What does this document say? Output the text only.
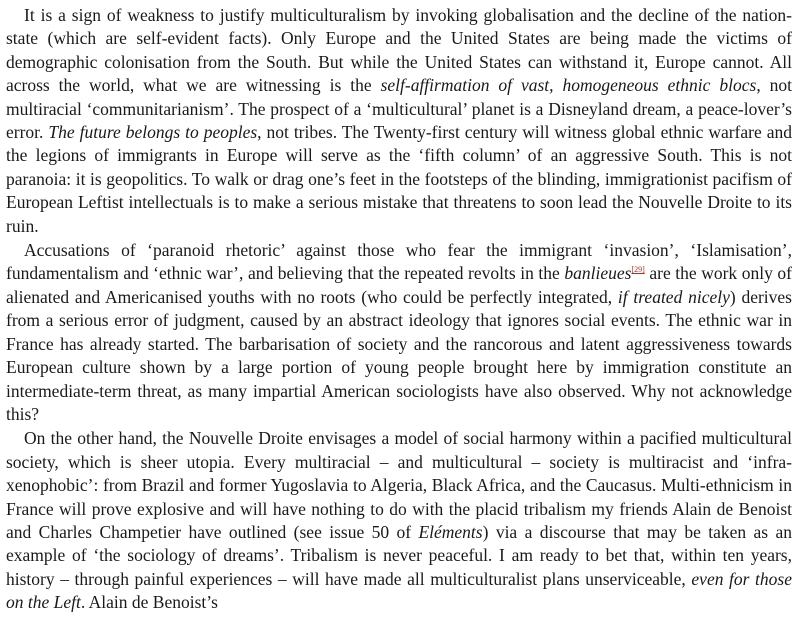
It is a sign of weakness to justify multiculturalism by invoking globalisation and the decline of the nation-state (which are self-evident facts). Only Europe and the United States are being made the victims of demographic colonisation from the South. But while the United States can withstand it, Europe cannot. All across the world, what we are witnessing is the self-affirmation of vast, homogeneous ethnic blocs, not multiracial ‘communitarianism’. The prospect of a ‘multicultural’ planet is a Disneyland dream, a peace-lover’s error. The future belongs to peoples, not tribes. The Twenty-first century will witness global ethnic warfare and the legions of immigrants in Europe will serve as the ‘fifth column’ of an aggressive South. This is not paranoia: it is geopolitics. To walk or drag one’s feet in the footsteps of the blinding, immigrationist pacifism of European Leftist intellectuals is to make a serious mistake that threatens to soon lead the Nouvelle Droite to its ruin.

Accusations of ‘paranoid rhetoric’ against those who fear the immigrant ‘invasion’, ‘Islamisation’, fundamentalism and ‘ethnic war’, and believing that the repeated revolts in the banlieues[29] are the work only of alienated and Americanised youths with no roots (who could be perfectly integrated, if treated nicely) derives from a serious error of judgment, caused by an abstract ideology that ignores social events. The ethnic war in France has already started. The barbarisation of society and the rancorous and latent aggressiveness towards European culture shown by a large portion of young people brought here by immigration constitute an intermediate-term threat, as many impartial American sociologists have also observed. Why not acknowledge this?

On the other hand, the Nouvelle Droite envisages a model of social harmony within a pacified multicultural society, which is sheer utopia. Every multiracial – and multicultural – society is multiracist and ‘infra-xenophobic’: from Brazil and former Yugoslavia to Algeria, Black Africa, and the Caucasus. Multi-ethnicism in France will prove explosive and will have nothing to do with the placid tribalism my friends Alain de Benoist and Charles Champetier have outlined (see issue 50 of Eléments) via a discourse that may be taken as an example of ‘the sociology of dreams’. Tribalism is never peaceful. I am ready to bet that, within ten years, history – through painful experiences – will have made all multiculturalist plans unserviceable, even for those on the Left. Alain de Benoist’s
